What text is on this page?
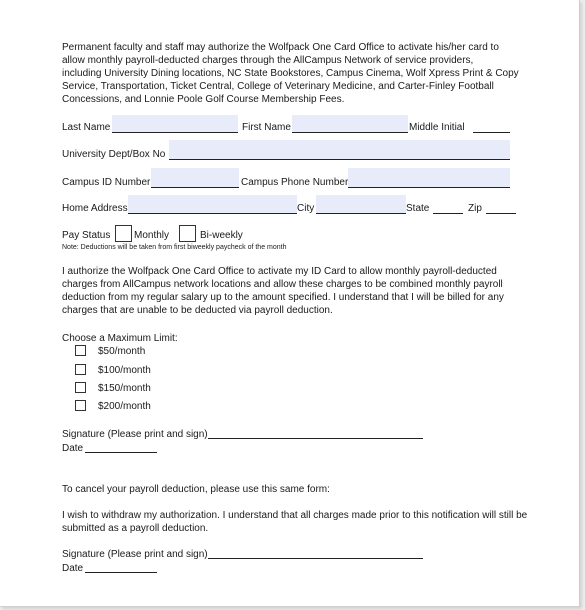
Permanent faculty and staff may authorize the Wolfpack One Card Office to activate his/her card to
allow monthly payroll-deducted charges through the AllCampus Network of service providers,
including University Dining locations, NC State Bookstores, Campus Cinema, Wolf Xpress Print & Copy
Service, Transportation, Ticket Central, College of Veterinary Medicine, and Carter-Finley Football
Concessions, and Lonnie Poole Golf Course Membership Fees.
Last Name	First Name	Middle Initial
University Dept/Box No
Campus ID Number	Campus Phone Number
Home Address	City	State	Zip
Pay Status Monthly	Bi-weekly
Note: Deductions will be taken from first biweekly paycheck of the month
I authorize the Wolfpack One Card Office to activate my ID Card to allow monthly payroll-deducted
charges from AllCampus network locations and allow these charges to be combined monthly payroll
deduction from my regular salary up to the amount specified. I understand that I will be billed for any
charges that are unable to be deducted via payroll deduction.
Choose a Maximum Limit:
$50/month
$100/month
$150/month
$200/month
Signature (Please print and sign)
Date
To cancel your payroll deduction, please use this same form:
I wish to withdraw my authorization. I understand that all charges made prior to this notification will still be
submitted as a payroll deduction.
Signature (Please print and sign)
Date
